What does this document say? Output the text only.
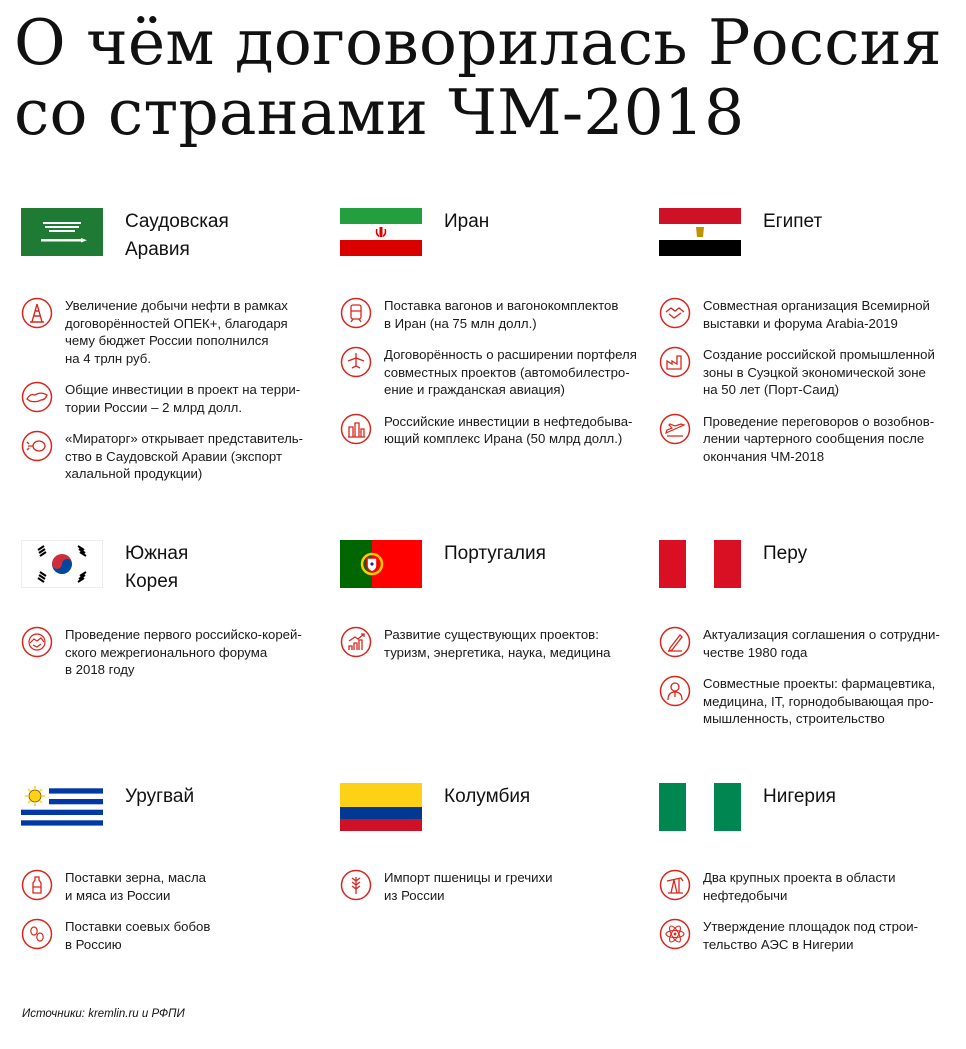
О чём договорилась Россия
со странами ЧМ-2018
Саудовская
Аравия
Увеличение добычи нефти в рамках
договорённостей ОПЕК+, благодаря
чему бюджет России пополнился
на 4 трлн руб.
Общие инвестиции в проект на терри-
тории России – 2 млрд долл.
«Мираторг» открывает представитель-
ство в Саудовской Аравии (экспорт
халальной продукции)
Иран
Поставка вагонов и вагонокомплектов
в Иран (на 75 млн долл.)
Договорённость о расширении портфеля
совместных проектов (автомобилестро-
ение и гражданская авиация)
Российские инвестиции в нефтедобыва-
ющий комплекс Ирана (50 млрд долл.)
Египет
Совместная организация Всемирной
выставки и форума Arabia-2019
Создание российской промышленной
зоны в Суэцкой экономической зоне
на 50 лет (Порт-Саид)
Проведение переговоров о возобнов-
лении чартерного сообщения после
окончания ЧМ-2018
Южная
Корея
Проведение первого российско-корей-
ского межрегионального форума
в 2018 году
Португалия
Развитие существующих проектов:
туризм, энергетика, наука, медицина
Перу
Актуализация соглашения о сотрудни-
честве 1980 года
Совместные проекты: фармацевтика,
медицина, IT, горнодобывающая про-
мышленность, строительство
Уругвай
Поставки зерна, масла
и мяса из России
Поставки соевых бобов
в Россию
Колумбия
Импорт пшеницы и гречихи
из России
Нигерия
Два крупных проекта в области
нефтедобычи
Утверждение площадок под строи-
тельство АЭС в Нигерии
Источники: kremlin.ru и РФПИ
